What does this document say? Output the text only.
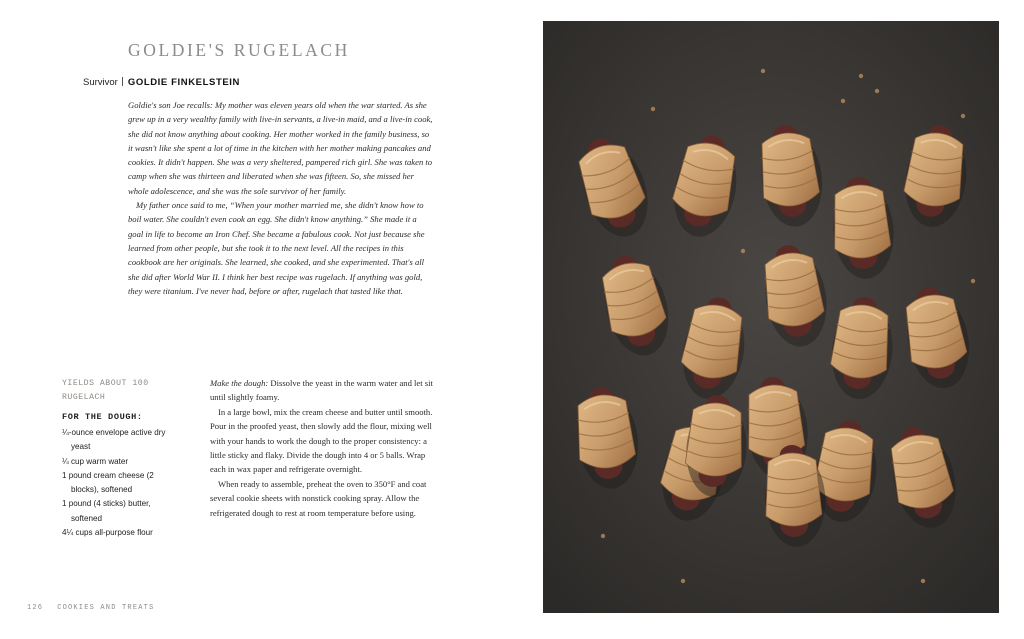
GOLDIE'S RUGELACH
Survivor GOLDIE FINKELSTEIN

Goldie's son Joe recalls: My mother was eleven years old when the war started. As she grew up in a very wealthy family with live-in servants, a live-in maid, and a live-in cook, she did not know anything about cooking. Her mother worked in the family business, so it wasn't like she spent a lot of time in the kitchen with her mother making pancakes and cookies. It didn't happen. She was a very sheltered, pampered rich girl. She was taken to camp when she was thirteen and liberated when she was fifteen. So, she missed her whole adolescence, and she was the sole survivor of her family.

My father once said to me, “When your mother married me, she didn't know how to boil water. She couldn't even cook an egg. She didn't know anything.” She made it a goal in life to become an Iron Chef. She became a fabulous cook. Not just because she learned from other people, but she took it to the next level. All the recipes in this cookbook are her originals. She learned, she cooked, and she experimented. That's all she did after World War II. I think her best recipe was rugelach. If anything was gold, they were titanium. I've never had, before or after, rugelach that tasted like that.

YIELDS ABOUT 100 RUGELACH
FOR THE DOUGH:
¼-ounce envelope active dry yeast
¼ cup warm water
1 pound cream cheese (2 blocks), softened
1 pound (4 sticks) butter, softened
4¼ cups all-purpose flour

Make the dough: Dissolve the yeast in the warm water and let sit until slightly foamy.

In a large bowl, mix the cream cheese and butter until smooth. Pour in the proofed yeast, then slowly add the flour, mixing well with your hands to work the dough to the proper consistency: a little sticky and flaky. Divide the dough into 4 or 5 balls. Wrap each in wax paper and refrigerate overnight.

When ready to assemble, preheat the oven to 350°F and coat several cookie sheets with nonstick cooking spray. Allow the refrigerated dough to rest at room temperature before using.

126 COOKIES AND TREATS
